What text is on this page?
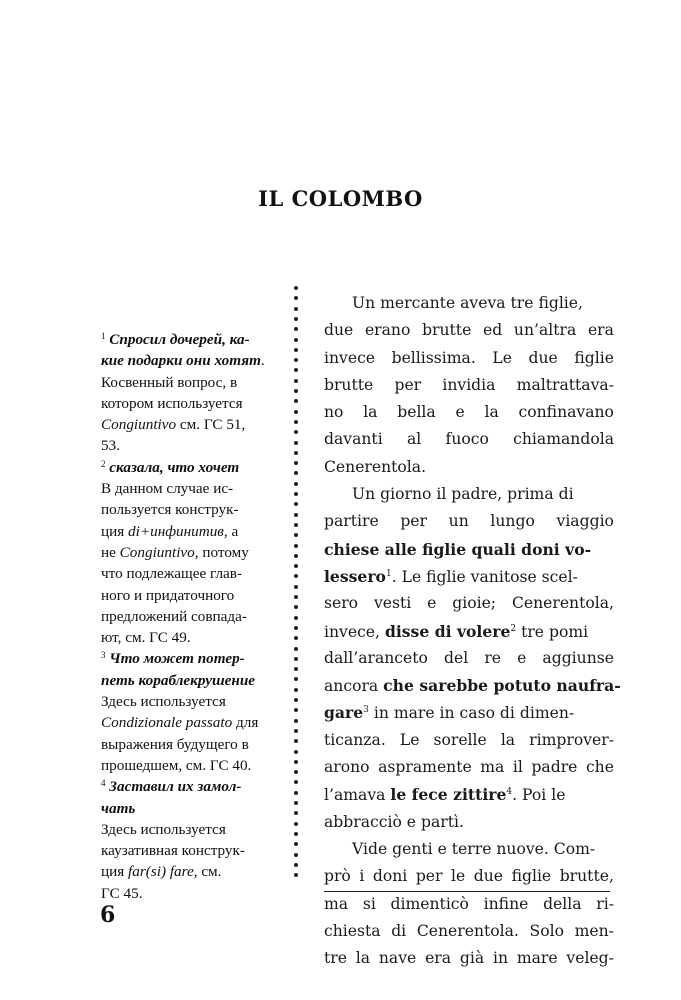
IL COLOMBO
$^1$ Спросил дочерей, ка-
кие подарки они хотят.
Косвенный вопрос, в
котором используется
Congiuntivo см. ГС 51,
53.
$^2$ сказала, что хочет
В данном случае ис-
пользуется конструк-
ция di+инфинитив, а
не Congiuntivo, потому
что подлежащее глав-
ного и придаточного
предложений совпада-
ют, см. ГС 49.
$^3$ Что может потер-
петь кораблекрушение
Здесь используется
Condizionale passato для
выражения будущего в
прошедшем, см. ГС 40.
$^4$ Заставил их замол-
чать
Здесь используется
каузативная конструк-
ция far(si) fare, см.
ГС 45.
Un mercante aveva tre figlie,
due erano brutte ed un’altra era
invece bellissima. Le due figlie
brutte per invidia maltrattava-
no la bella e la confinavano
davanti al fuoco chiamandola
Cenerentola.
Un giorno il padre, prima di
partire per un lungo viaggio
chiese alle figlie quali doni vo-
lessero$^1$. Le figlie vanitose scel-
sero vesti e gioie; Cenerentola,
invece, disse di volere$^2$ tre pomi
dall’aranceto del re e aggiunse
ancora che sarebbe potuto naufra-
gare$^3$ in mare in caso di dimen-
ticanza. Le sorelle la rimprover-
arono aspramente ma il padre che
l’amava le fece zittire$^4$. Poi le
abbracciò e partì.
Vide genti e terre nuove. Com-
prò i doni per le due figlie brutte,
ma si dimenticò infine della ri-
chiesta di Cenerentola. Solo men-
tre la nave era già in mare veleg-
6
